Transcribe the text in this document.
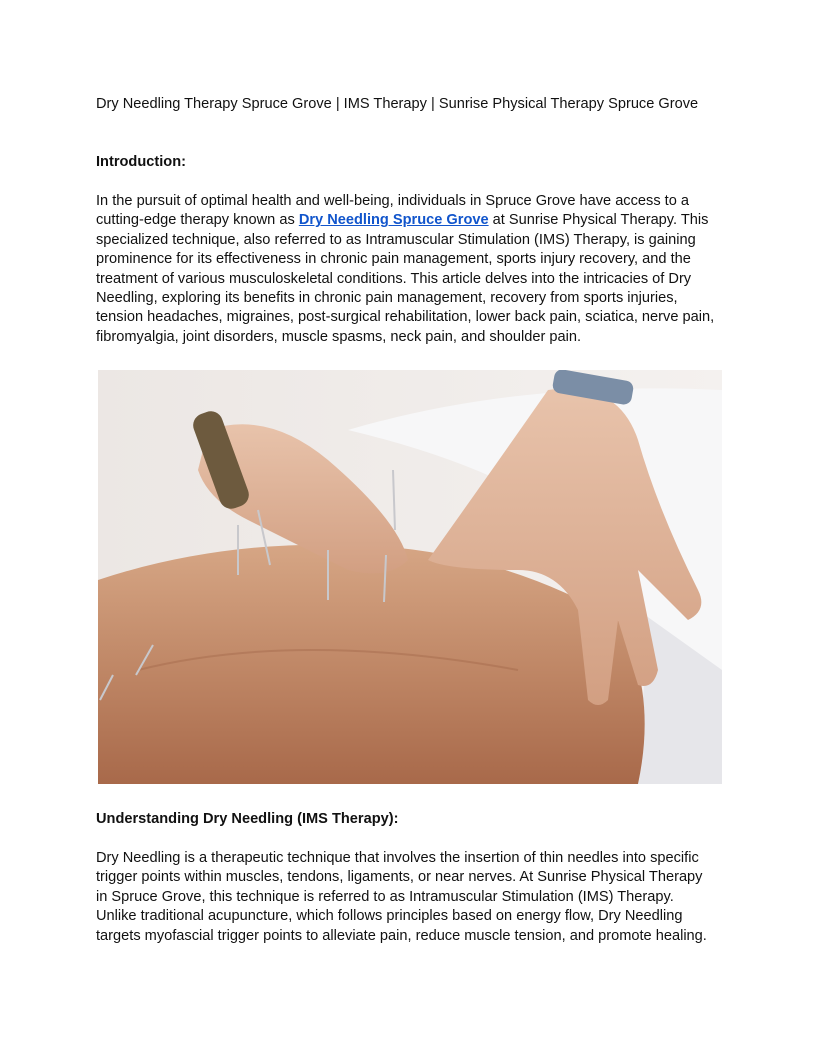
Dry Needling Therapy Spruce Grove | IMS Therapy | Sunrise Physical Therapy Spruce Grove

Introduction:

In the pursuit of optimal health and well-being, individuals in Spruce Grove have access to a
cutting-edge therapy known as Dry Needling Spruce Grove at Sunrise Physical Therapy. This
specialized technique, also referred to as Intramuscular Stimulation (IMS) Therapy, is gaining
prominence for its effectiveness in chronic pain management, sports injury recovery, and the
treatment of various musculoskeletal conditions. This article delves into the intricacies of Dry
Needling, exploring its benefits in chronic pain management, recovery from sports injuries,
tension headaches, migraines, post-surgical rehabilitation, lower back pain, sciatica, nerve pain,
fibromyalgia, joint disorders, muscle spasms, neck pain, and shoulder pain.

Understanding Dry Needling (IMS Therapy):

Dry Needling is a therapeutic technique that involves the insertion of thin needles into specific
trigger points within muscles, tendons, ligaments, or near nerves. At Sunrise Physical Therapy
in Spruce Grove, this technique is referred to as Intramuscular Stimulation (IMS) Therapy.
Unlike traditional acupuncture, which follows principles based on energy flow, Dry Needling
targets myofascial trigger points to alleviate pain, reduce muscle tension, and promote healing.
